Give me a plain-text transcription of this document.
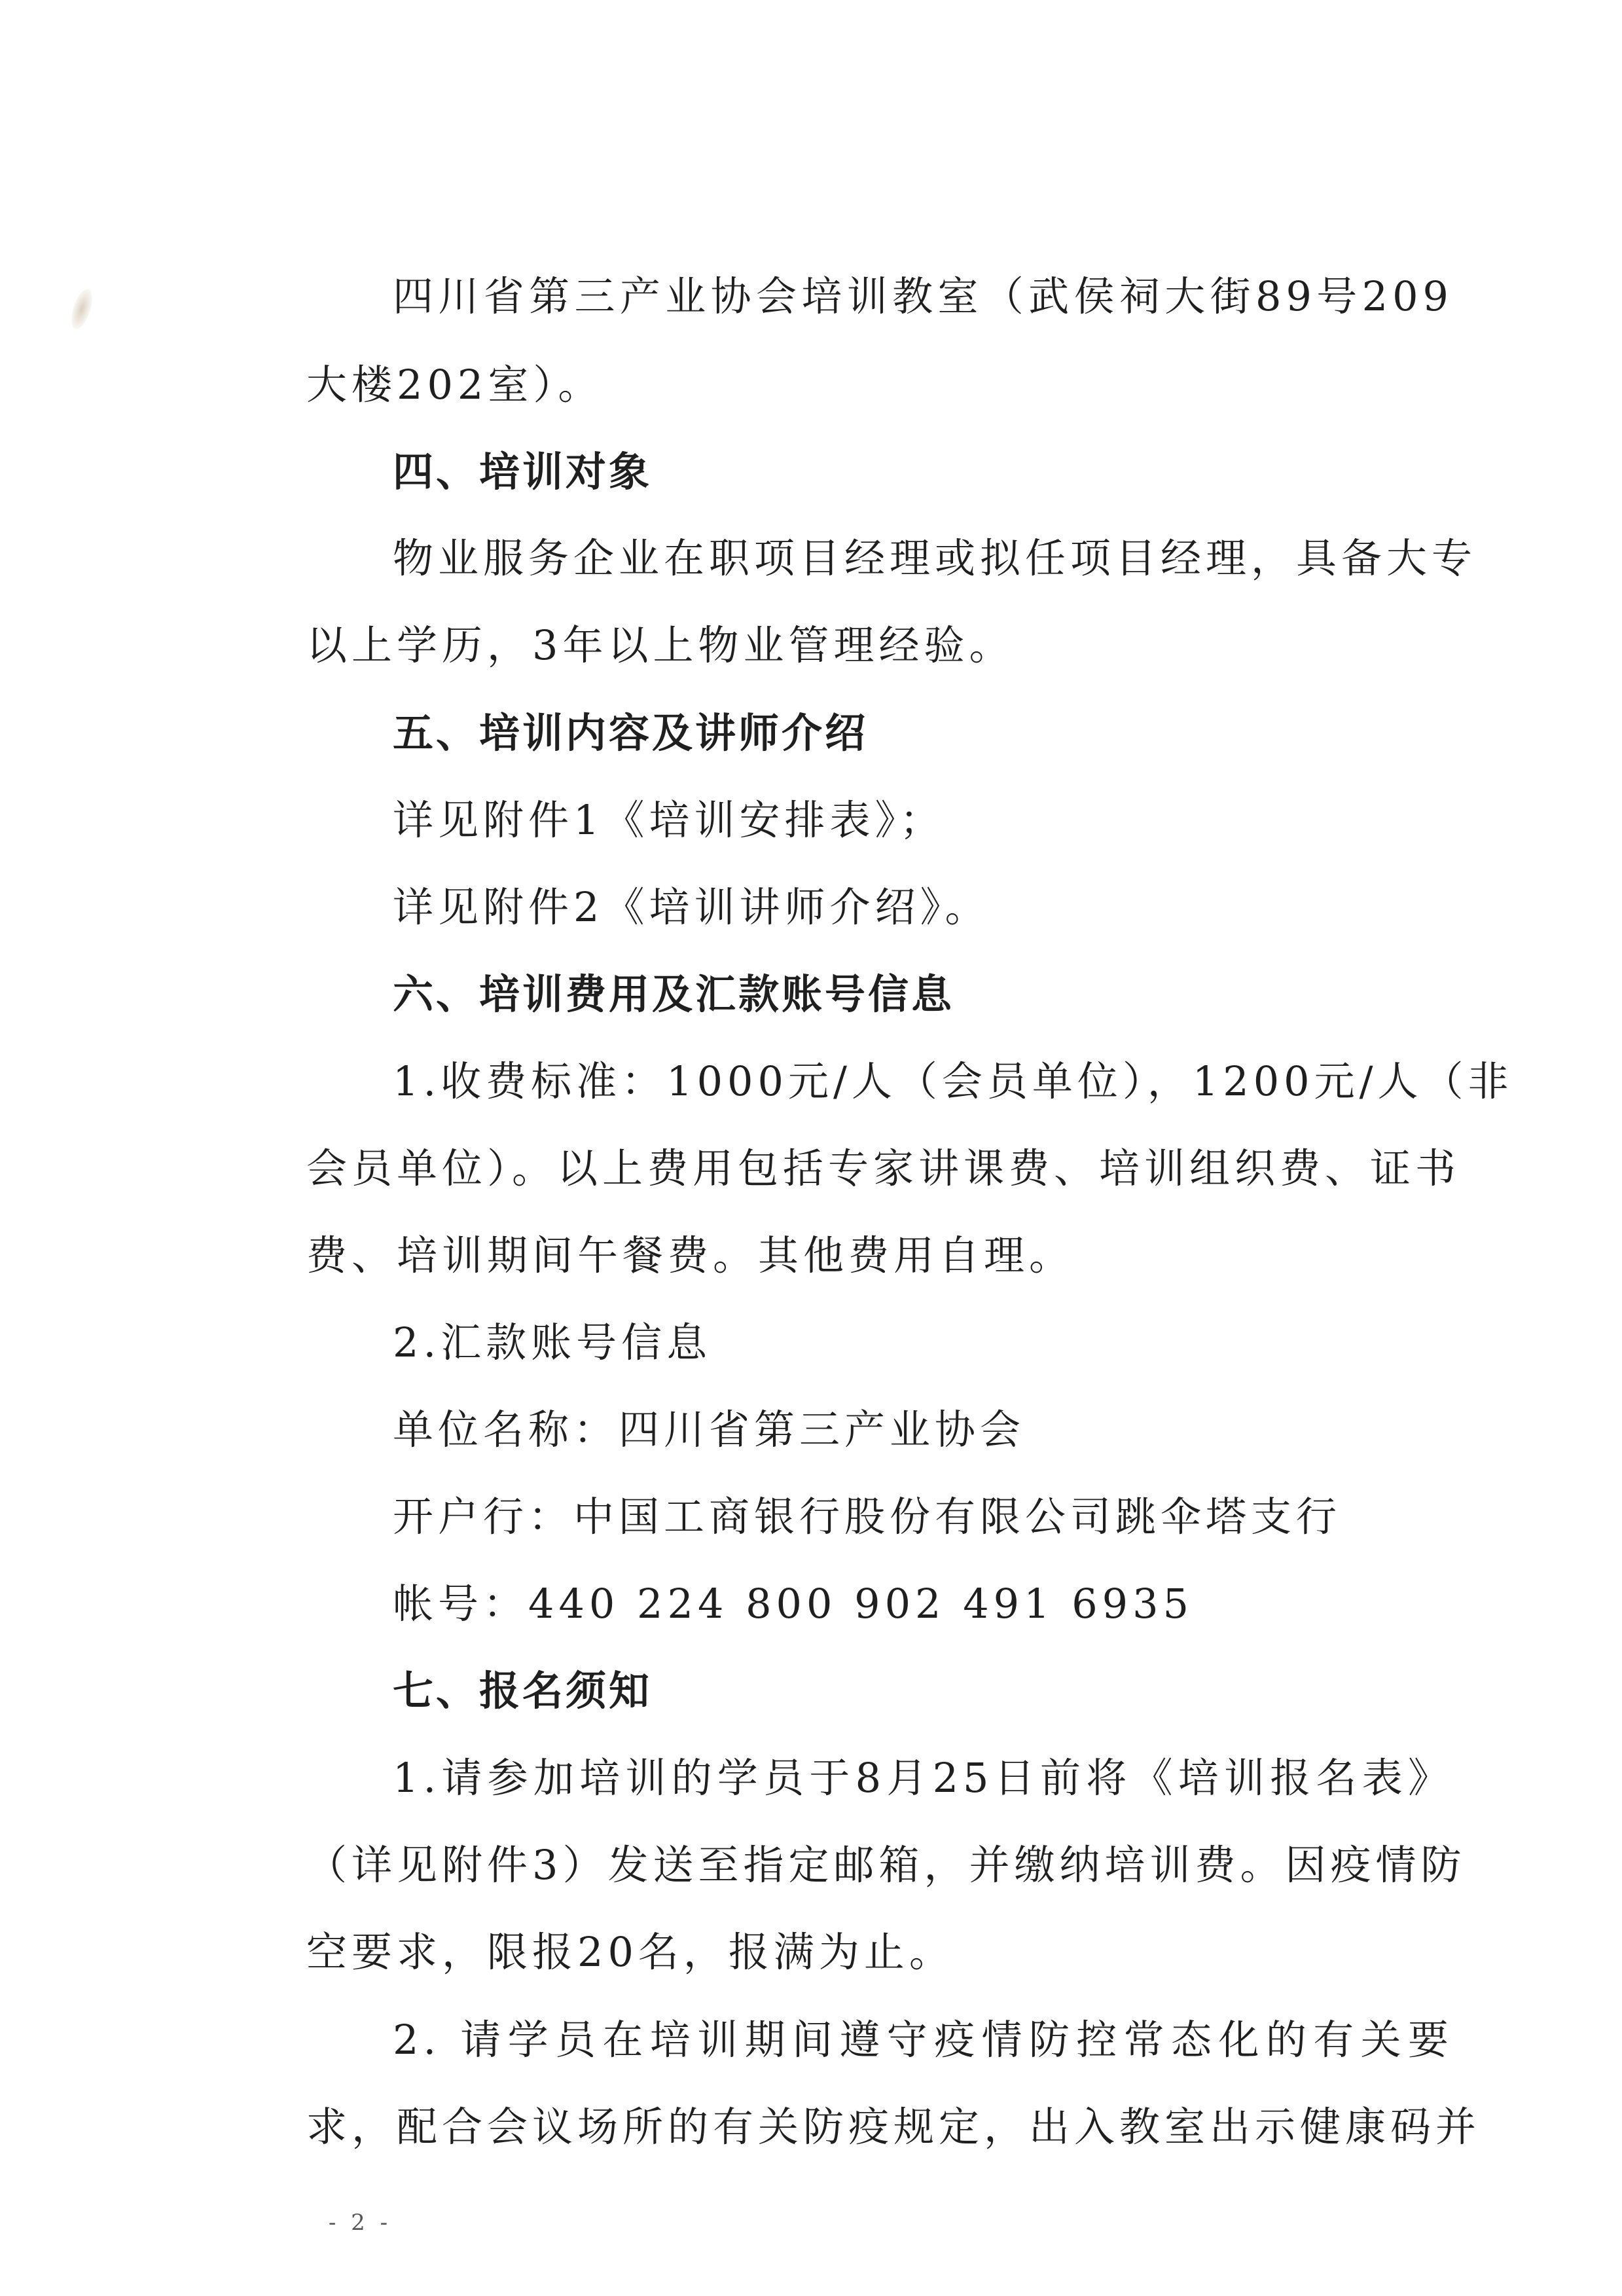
四川省第三产业协会培训教室（武侯祠大街89号209
大楼202室）。
四、培训对象
物业服务企业在职项目经理或拟任项目经理，具备大专
以上学历，3年以上物业管理经验。
五、培训内容及讲师介绍
详见附件1《培训安排表》；
详见附件2《培训讲师介绍》。
六、培训费用及汇款账号信息
1.收费标准：1000元/人（会员单位），1200元/人（非
会员单位）。以上费用包括专家讲课费、培训组织费、证书
费、培训期间午餐费。其他费用自理。
2.汇款账号信息
单位名称：四川省第三产业协会
开户行：中国工商银行股份有限公司跳伞塔支行
帐号：440 224 800 902 491 6935
七、报名须知
1.请参加培训的学员于8月25日前将《培训报名表》
（详见附件3）发送至指定邮箱，并缴纳培训费。因疫情防
空要求，限报20名，报满为止。
2. 请学员在培训期间遵守疫情防控常态化的有关要
求，配合会议场所的有关防疫规定，出入教室出示健康码并
- 2 -
